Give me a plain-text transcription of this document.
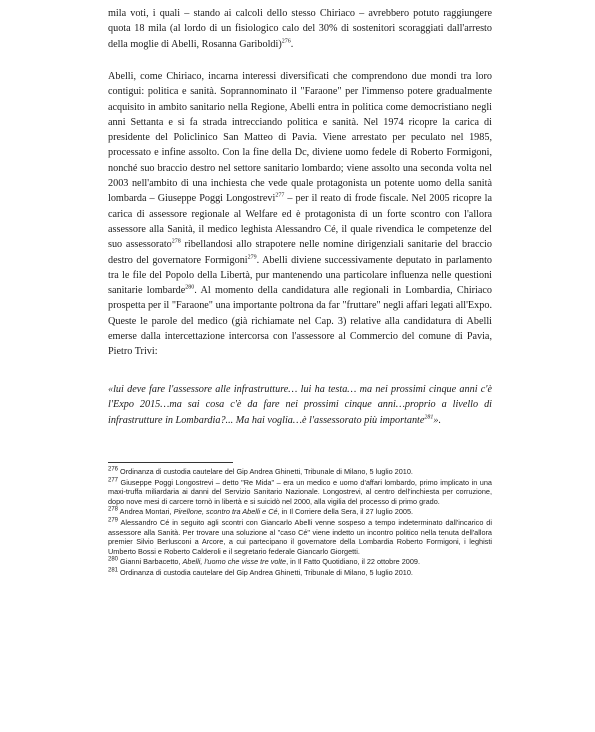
mila voti, i quali – stando ai calcoli dello stesso Chiriaco – avrebbero potuto raggiungere quota 18 mila (al lordo di un fisiologico calo del 30% di sostenitori scoraggiati dall'arresto della moglie di Abelli, Rosanna Gariboldi)$^{276}$.

Abelli, come Chiriaco, incarna interessi diversificati che comprendono due mondi tra loro contigui: politica e sanità. Soprannominato il "Faraone" per l'immenso potere gradualmente acquisito in ambito sanitario nella Regione, Abelli entra in politica come democristiano negli anni Settanta e si fa strada intrecciando politica e sanità. Nel 1974 ricopre la carica di presidente del Policlinico San Matteo di Pavia. Viene arrestato per peculato nel 1985, processato e infine assolto. Con la fine della Dc, diviene uomo fedele di Roberto Formigoni, nonché suo braccio destro nel settore sanitario lombardo; viene assolto una seconda volta nel 2003 nell'ambito di una inchiesta che vede quale protagonista un potente uomo della sanità lombarda – Giuseppe Poggi Longostrevi$^{277}$ – per il reato di frode fiscale. Nel 2005 ricopre la carica di assessore regionale al Welfare ed è protagonista di un forte scontro con l'allora assessore alla Sanità, il medico leghista Alessandro Cé, il quale rivendica le competenze del suo assessorato$^{278}$ ribellandosi allo strapotere nelle nomine dirigenziali sanitarie del braccio destro del governatore Formigoni$^{279}$. Abelli diviene successivamente deputato in parlamento tra le file del Popolo della Libertà, pur mantenendo una particolare influenza nelle questioni sanitarie lombarde$^{280}$. Al momento della candidatura alle regionali in Lombardia, Chiriaco prospetta per il "Faraone" una importante poltrona da far "fruttare" negli affari legati all'Expo. Queste le parole del medico (già richiamate nel Cap. 3) relative alla candidatura di Abelli emerse dalla intercettazione intercorsa con l'assessore al Commercio del comune di Pavia, Pietro Trivi:

«lui deve fare l'assessore alle infrastrutture… lui ha testa… ma nei prossimi cinque anni c'è l'Expo 2015…ma sai cosa c'è da fare nei prossimi cinque anni…proprio a livello di infrastrutture in Lombardia?... Ma hai voglia…è l'assessorato più importante$^{281}$».

$^{276}$ Ordinanza di custodia cautelare del Gip Andrea Ghinetti, Tribunale di Milano, 5 luglio 2010.

$^{277}$ Giuseppe Poggi Longostrevi – detto "Re Mida" – era un medico e uomo d'affari lombardo, primo implicato in una maxi-truffa miliardaria ai danni del Servizio Sanitario Nazionale. Longostrevi, al centro dell'inchiesta per corruzione, dopo nove mesi di carcere tornò in libertà e si suicidò nel 2000, alla vigilia del processo di primo grado.

$^{278}$ Andrea Montari, Pirellone, scontro tra Abelli e Cé, in Il Corriere della Sera, il 27 luglio 2005.

$^{279}$ Alessandro Cé in seguito agli scontri con Giancarlo Abelli venne sospeso a tempo indeterminato dall'incarico di assessore alla Sanità. Per trovare una soluzione al "caso Cé" viene indetto un incontro politico nella tenuta dell'allora premier Silvio Berlusconi a Arcore, a cui partecipano il governatore della Lombardia Roberto Formigoni, i leghisti Umberto Bossi e Roberto Calderoli e il segretario federale Giancarlo Giorgetti.

$^{280}$ Gianni Barbacetto, Abelli, l'uomo che visse tre volte, in Il Fatto Quotidiano, il 22 ottobre 2009.

$^{281}$ Ordinanza di custodia cautelare del Gip Andrea Ghinetti, Tribunale di Milano, 5 luglio 2010.
